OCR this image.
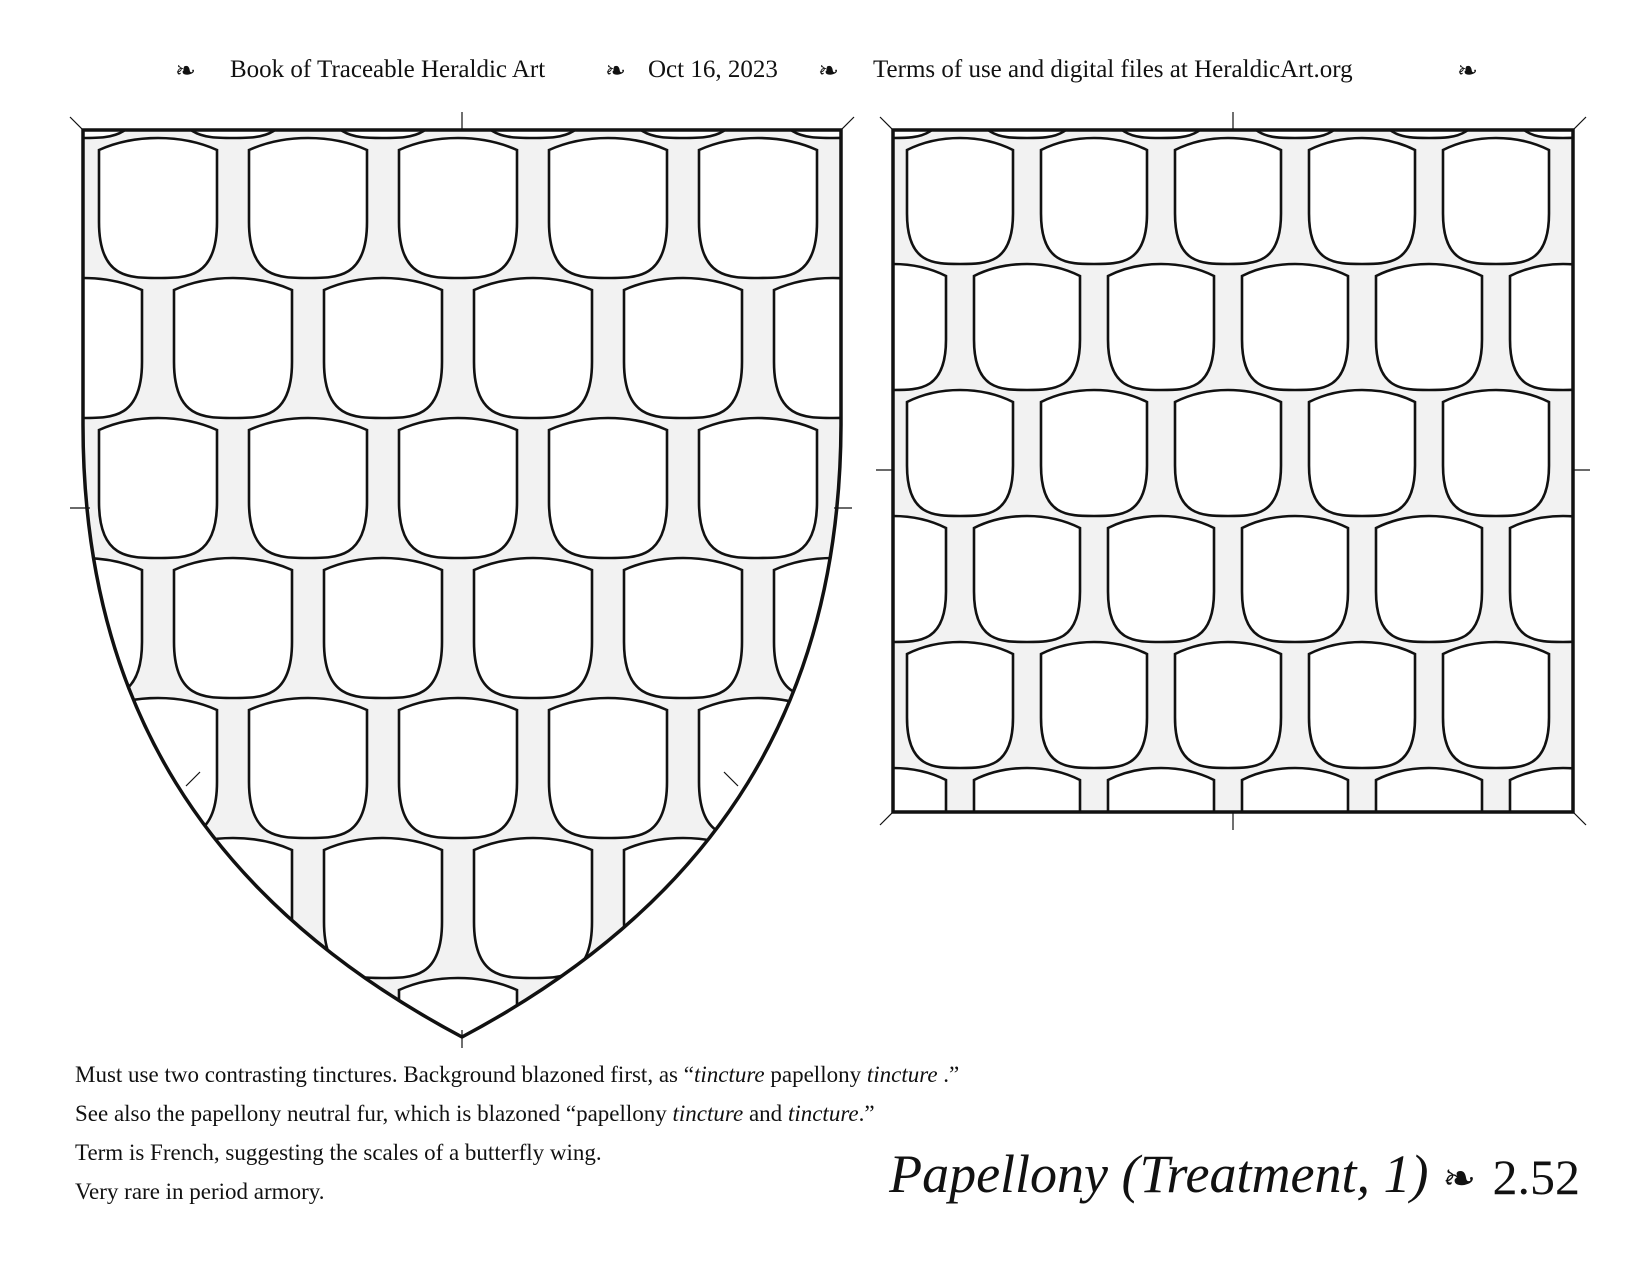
❧ Book of Traceable Heraldic Art ❧ Oct 16, 2023 ❧ Terms of use and digital files at HeraldicArt.org	❧
Must use two contrasting tinctures. Background blazoned first, as “tincture papellony tincture .”
See also the papellony neutral fur, which is blazoned “papellony tincture and tincture.”
Term is French, suggesting the scales of a butterfly wing.
Very rare in period armory.	Papellony (Treatment, 1) ❧ 2.52
